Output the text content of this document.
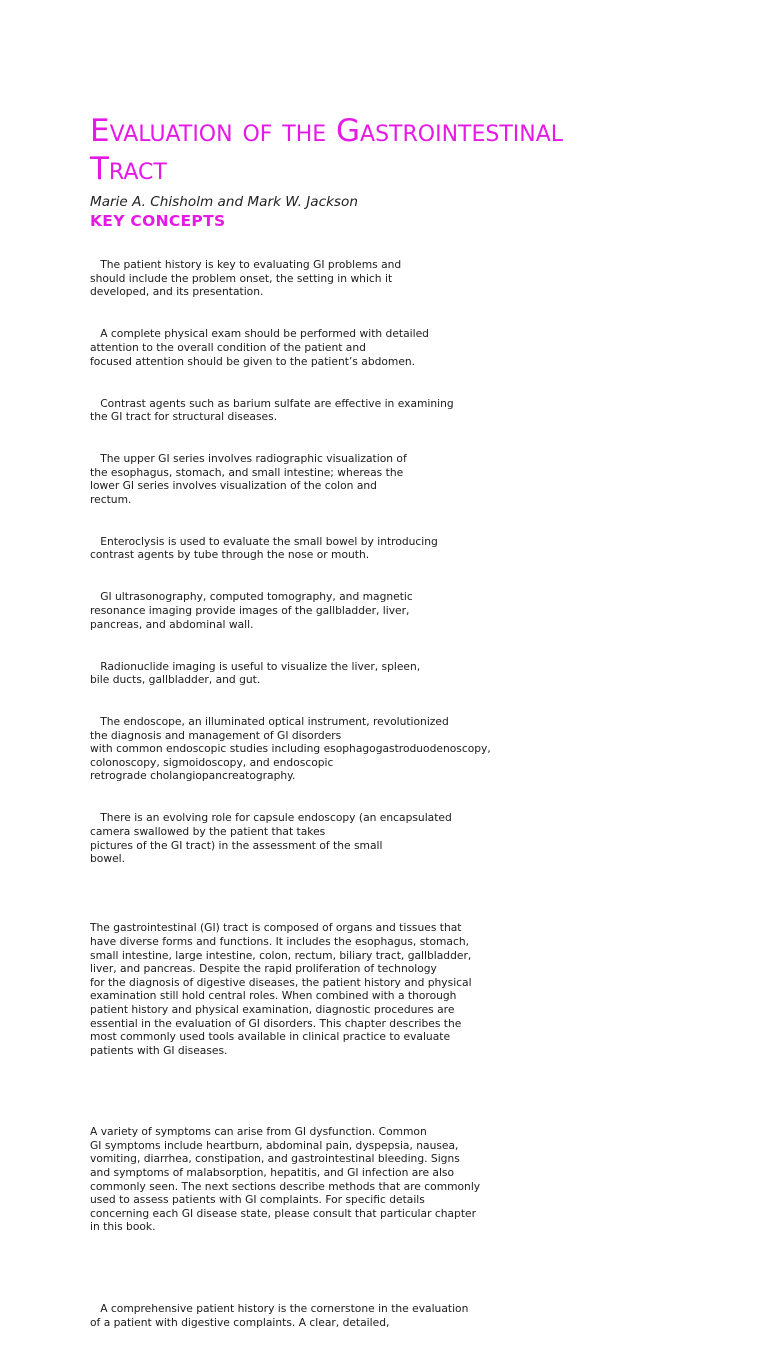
Evaluation of the Gastrointestinal
Tract

Marie A. Chisholm and Mark W. Jackson

KEY CONCEPTS

The patient history is key to evaluating GI problems and
should include the problem onset, the setting in which it
developed, and its presentation.

A complete physical exam should be performed with detailed
attention to the overall condition of the patient and
focused attention should be given to the patient’s abdomen.

Contrast agents such as barium sulfate are effective in examining
the GI tract for structural diseases.

The upper GI series involves radiographic visualization of
the esophagus, stomach, and small intestine; whereas the
lower GI series involves visualization of the colon and
rectum.

Enteroclysis is used to evaluate the small bowel by introducing
contrast agents by tube through the nose or mouth.

GI ultrasonography, computed tomography, and magnetic
resonance imaging provide images of the gallbladder, liver,
pancreas, and abdominal wall.

Radionuclide imaging is useful to visualize the liver, spleen,
bile ducts, gallbladder, and gut.

The endoscope, an illuminated optical instrument, revolutionized
the diagnosis and management of GI disorders
with common endoscopic studies including esophagogastroduodenoscopy,
colonoscopy, sigmoidoscopy, and endoscopic
retrograde cholangiopancreatography.

There is an evolving role for capsule endoscopy (an encapsulated
camera swallowed by the patient that takes
pictures of the GI tract) in the assessment of the small
bowel.

The gastrointestinal (GI) tract is composed of organs and tissues that
have diverse forms and functions. It includes the esophagus, stomach,
small intestine, large intestine, colon, rectum, biliary tract, gallbladder,
liver, and pancreas. Despite the rapid proliferation of technology
for the diagnosis of digestive diseases, the patient history and physical
examination still hold central roles. When combined with a thorough
patient history and physical examination, diagnostic procedures are
essential in the evaluation of GI disorders. This chapter describes the
most commonly used tools available in clinical practice to evaluate
patients with GI diseases.

A variety of symptoms can arise from GI dysfunction. Common
GI symptoms include heartburn, abdominal pain, dyspepsia, nausea,
vomiting, diarrhea, constipation, and gastrointestinal bleeding. Signs
and symptoms of malabsorption, hepatitis, and GI infection are also
commonly seen. The next sections describe methods that are commonly
used to assess patients with GI complaints. For specific details
concerning each GI disease state, please consult that particular chapter
in this book.

A comprehensive patient history is the cornerstone in the evaluation
of a patient with digestive complaints. A clear, detailed,
